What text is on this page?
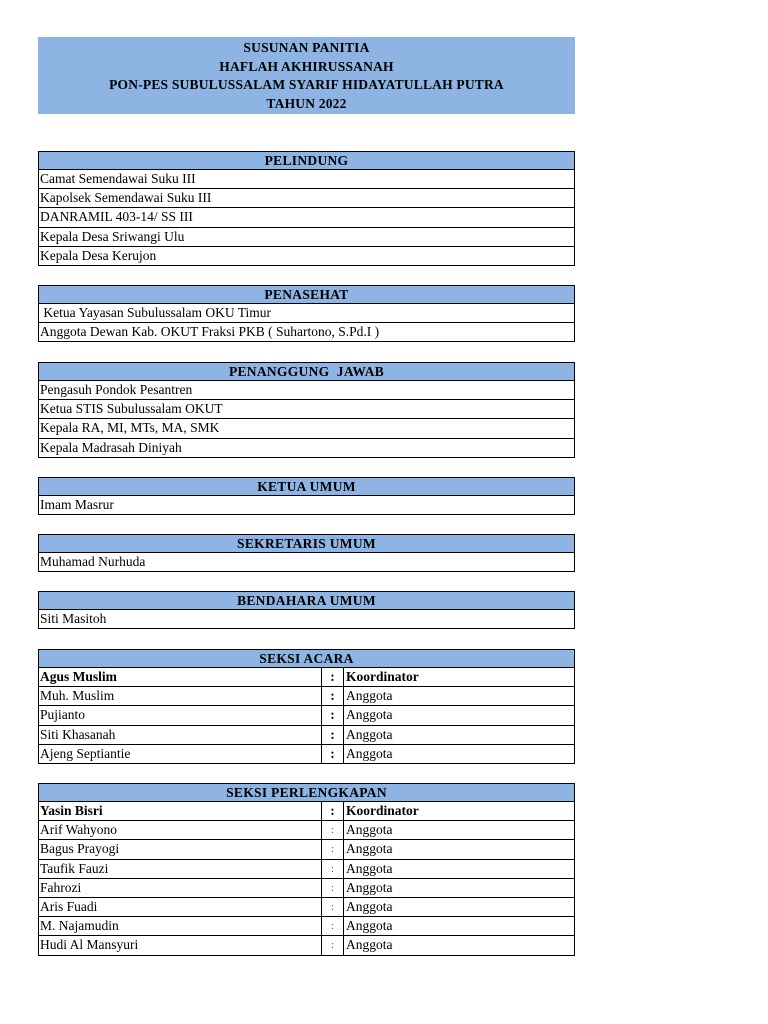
SUSUNAN PANITIA
HAFLAH AKHIRUSSANAH
PON-PES SUBULUSSALAM SYARIF HIDAYATULLAH PUTRA
TAHUN 2022
PELINDUNG
Camat Semendawai Suku III
Kapolsek Semendawai Suku III
DANRAMIL 403-14/ SS III
Kepala Desa Sriwangi Ulu
Kepala Desa Kerujon
PENASEHAT
Ketua Yayasan Subulussalam OKU Timur
Anggota Dewan Kab. OKUT Fraksi PKB ( Suhartono, S.Pd.I )
PENANGGUNG  JAWAB
Pengasuh Pondok Pesantren
Ketua STIS Subulussalam OKUT
Kepala RA, MI, MTs, MA, SMK
Kepala Madrasah Diniyah
KETUA UMUM
Imam Masrur
SEKRETARIS UMUM
Muhamad Nurhuda
BENDAHARA UMUM
Siti Masitoh
SEKSI ACARA
Agus Muslim	: Koordinator
Muh. Muslim	: Anggota
Pujianto	: Anggota
Siti Khasanah	: Anggota
Ajeng Septiantie	: Anggota
SEKSI PERLENGKAPAN
Yasin Bisri	: Koordinator
Arif Wahyono	: Anggota
Bagus Prayogi	: Anggota
Taufik Fauzi	: Anggota
Fahrozi	: Anggota
Aris Fuadi	: Anggota
M. Najamudin	: Anggota
Hudi Al Mansyuri	: Anggota
